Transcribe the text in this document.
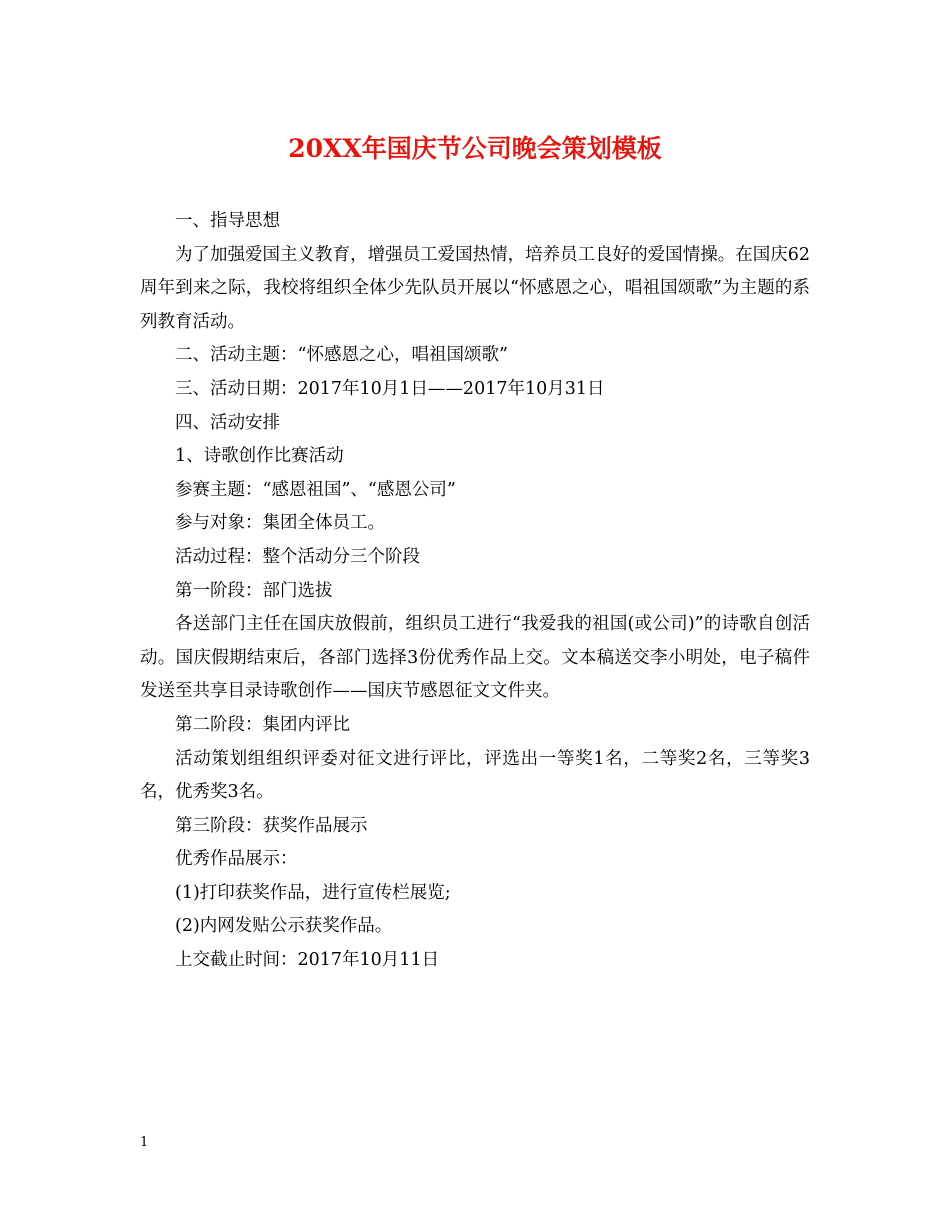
20XX年国庆节公司晚会策划模板

一、指导思想

为了加强爱国主义教育，增强员工爱国热情，培养员工良好的爱国情操。在国庆62周年到来之际，我校将组织全体少先队员开展以“怀感恩之心，唱祖国颂歌”为主题的系列教育活动。

二、活动主题：“怀感恩之心，唱祖国颂歌”

三、活动日期：2017年10月1日——2017年10月31日

四、活动安排

1、诗歌创作比赛活动

参赛主题：“感恩祖国”、“感恩公司”

参与对象：集团全体员工。

活动过程：整个活动分三个阶段

第一阶段：部门选拔

各送部门主任在国庆放假前，组织员工进行“我爱我的祖国(或公司)”的诗歌自创活动。国庆假期结束后，各部门选择3份优秀作品上交。文本稿送交李小明处，电子稿件发送至共享目录诗歌创作——国庆节感恩征文文件夹。

第二阶段：集团内评比

活动策划组组织评委对征文进行评比，评选出一等奖1名，二等奖2名，三等奖3名，优秀奖3名。

第三阶段：获奖作品展示

优秀作品展示：

(1)打印获奖作品，进行宣传栏展览;

(2)内网发贴公示获奖作品。

上交截止时间：2017年10月11日

1
